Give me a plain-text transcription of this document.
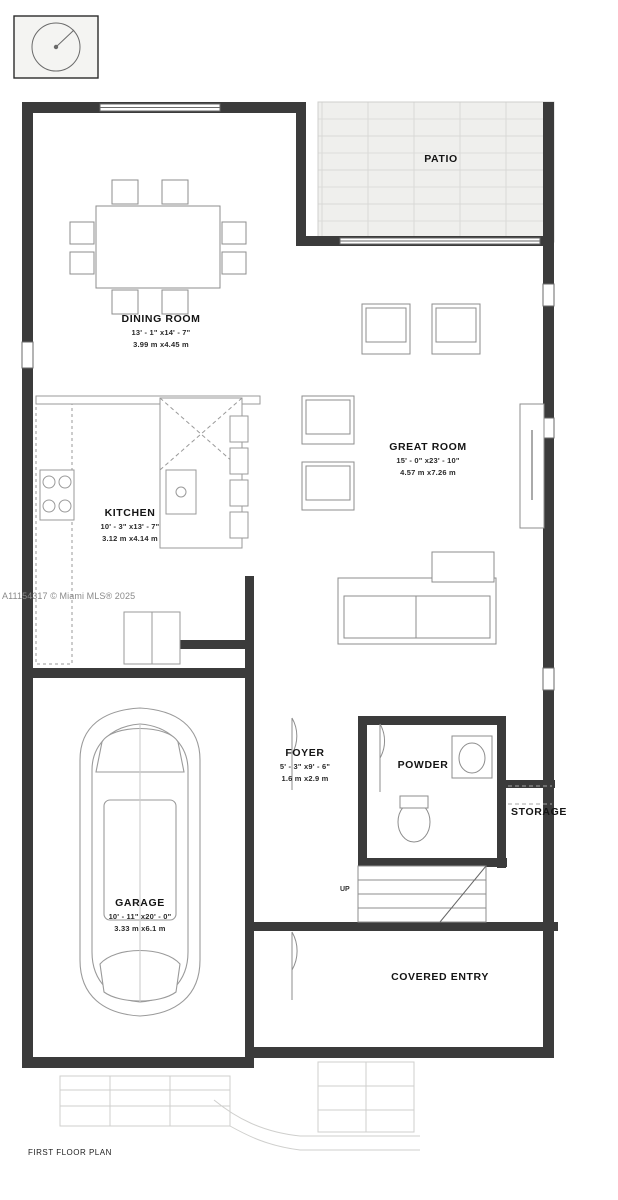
PATIO
DINING ROOM
13' - 1" x14' - 7"
3.99 m x4.45 m
GREAT ROOM
15' - 0" x23' - 10"
4.57 m x7.26 m
KITCHEN
10' - 3" x13' - 7"
3.12 m x4.14 m
FOYER
5' - 3" x9' - 6"
1.6 m x2.9 m
POWDER
STORAGE
GARAGE
10' - 11" x20' - 0"
3.33 m x6.1 m
COVERED ENTRY
UP
FIRST FLOOR PLAN
A11154317 © Miami MLS® 2025
